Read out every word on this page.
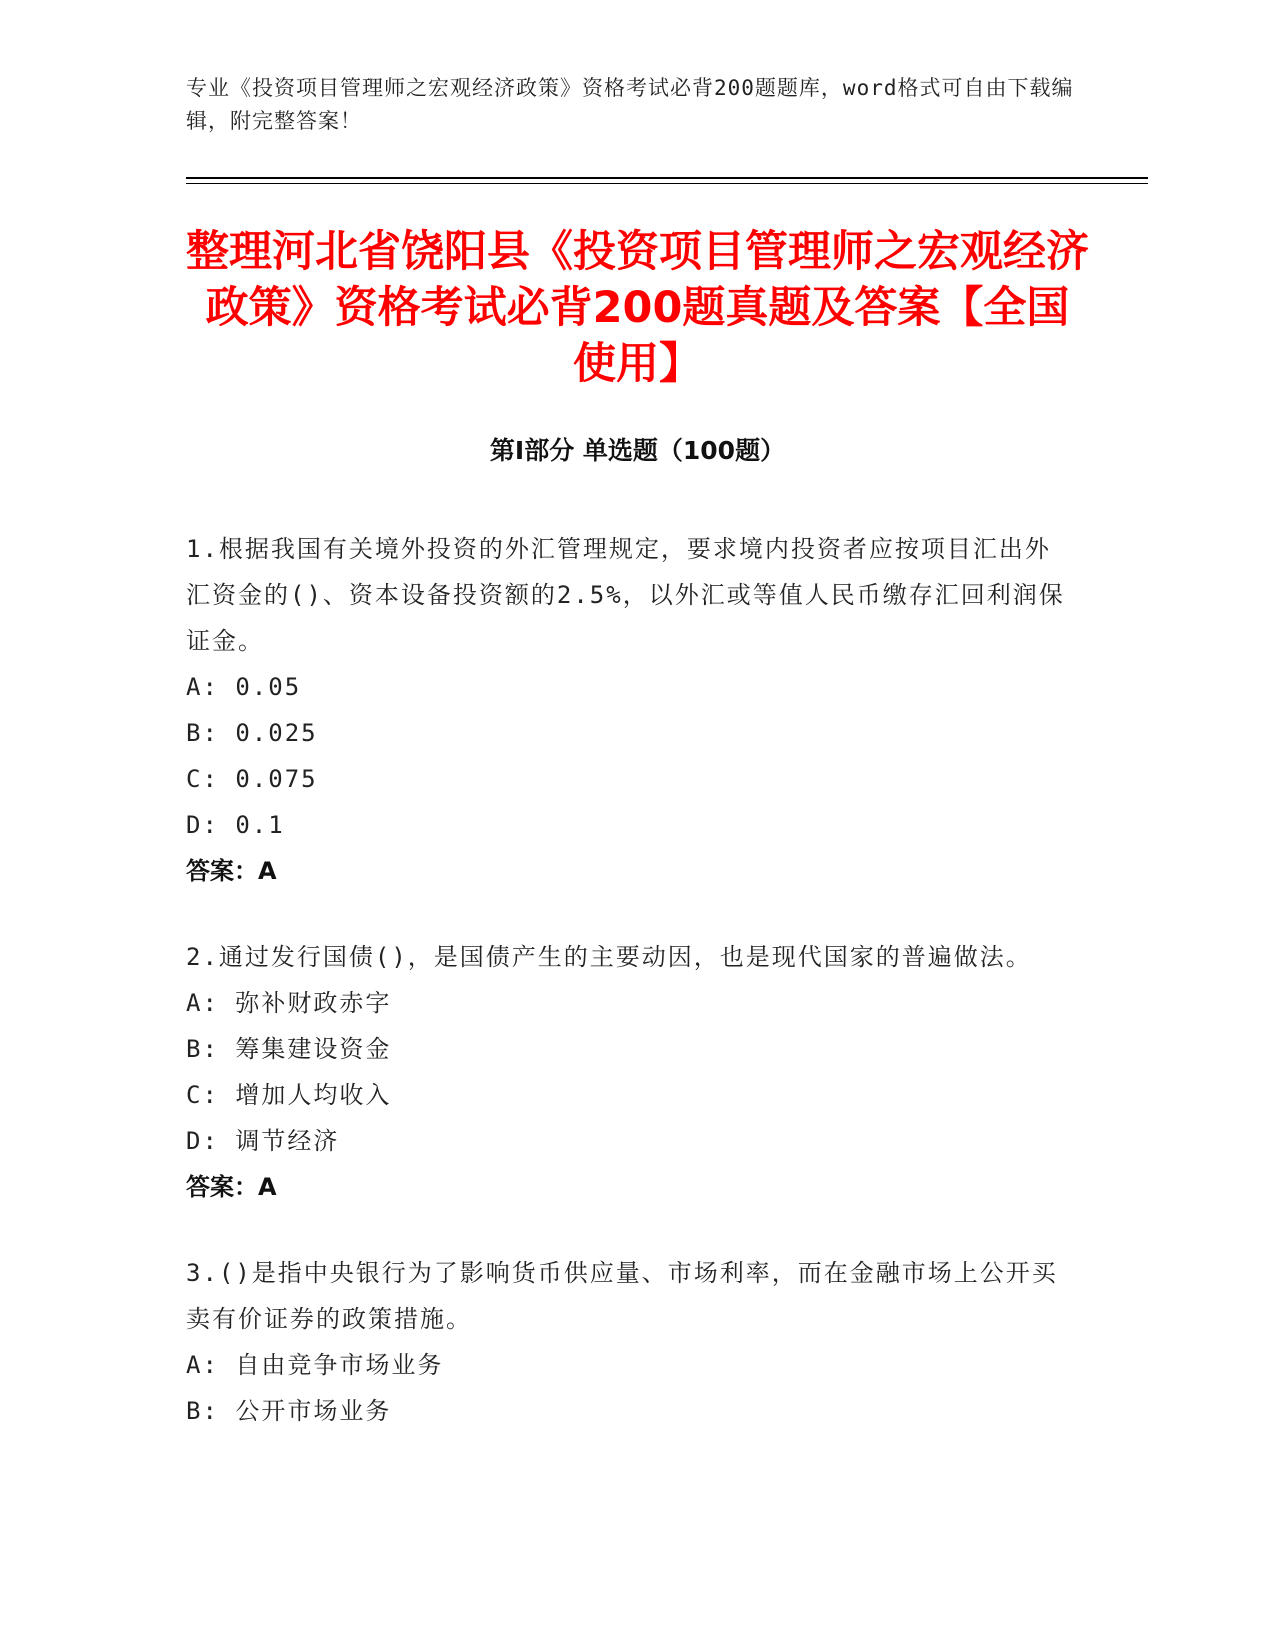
专业《投资项目管理师之宏观经济政策》资格考试必背200题题库，word格式可自由下载编辑，附完整答案！
整理河北省饶阳县《投资项目管理师之宏观经济政策》资格考试必背200题真题及答案【全国使用】
第Ⅰ部分 单选题（100题）

1.根据我国有关境外投资的外汇管理规定，要求境内投资者应按项目汇出外汇资金的()、资本设备投资额的2.5%，以外汇或等值人民币缴存汇回利润保证金。

A: 0.05

B: 0.025

C: 0.075

D: 0.1

答案：A

2.通过发行国债()，是国债产生的主要动因，也是现代国家的普遍做法。

A: 弥补财政赤字

B: 筹集建设资金

C: 增加人均收入

D: 调节经济

答案：A

3.()是指中央银行为了影响货币供应量、市场利率，而在金融市场上公开买卖有价证券的政策措施。

A: 自由竞争市场业务

B: 公开市场业务
